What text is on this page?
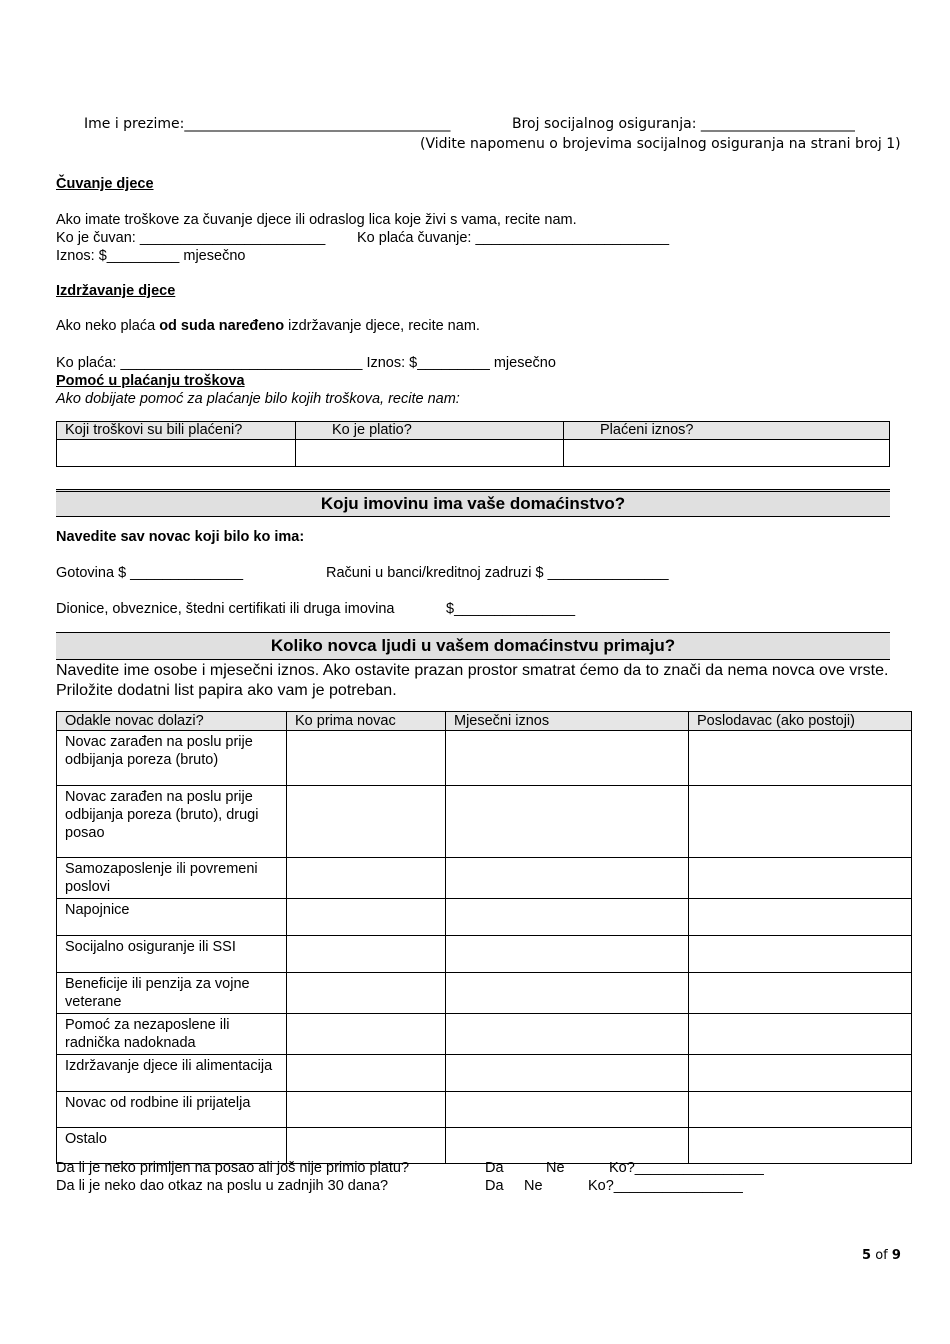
Ime i prezime:______________________________________	Broj socijalnog osiguranja: ______________________
(Vidite napomenu o brojevima socijalnog osiguranja na strani broj 1)
Čuvanje djece
Ako imate troškove za čuvanje djece ili odraslog lica koje živi s vama, recite nam.
Ko je čuvan: _______________________ Ko plaća čuvanje: ________________________
Iznos: $_________ mjesečno
Izdržavanje djece
Ako neko plaća od suda naređeno izdržavanje djece, recite nam.
Ko plaća: ______________________________ Iznos: $_________ mjesečno
Pomoć u plaćanju troškova
Ako dobijate pomoć za plaćanje bilo kojih troškova, recite nam:
Koji troškovi su bili plaćeni?	Ko je platio?	Plaćeni iznos?

Koju imovinu ima vaše domaćinstvo?
Navedite sav novac koji bilo ko ima:
Gotovina $ ______________	Računi u banci/kreditnoj zadruzi $ _______________
Dionice, obveznice, štedni certifikati ili druga imovina	$_______________
Koliko novca ljudi u vašem domaćinstvu primaju?
Navedite ime osobe i mjesečni iznos. Ako ostavite prazan prostor smatrat ćemo da to znači da nema novca ove vrste. Priložite dodatni list papira ako vam je potreban.
Odakle novac dolazi?	Ko prima novac	Mjesečni iznos	Poslodavac (ako postoji)
Novac zarađen na poslu prije odbijanja poreza (bruto)			
Novac zarađen na poslu prije odbijanja poreza (bruto), drugi posao			
Samozaposlenje ili povremeni poslovi			
Napojnice			
Socijalno osiguranje ili SSI			
Beneficije ili penzija za vojne veterane			
Pomoć za nezaposlene ili radnička nadoknada			
Izdržavanje djece ili alimentacija			
Novac od rodbine ili prijatelja			
Ostalo			
Da li je neko primljen na posao ali još nije primio platu?	Da	Ne	Ko?________________
Da li je neko dao otkaz na poslu u zadnjih 30 dana?	Da Ne	Ko?________________
5 of 9
